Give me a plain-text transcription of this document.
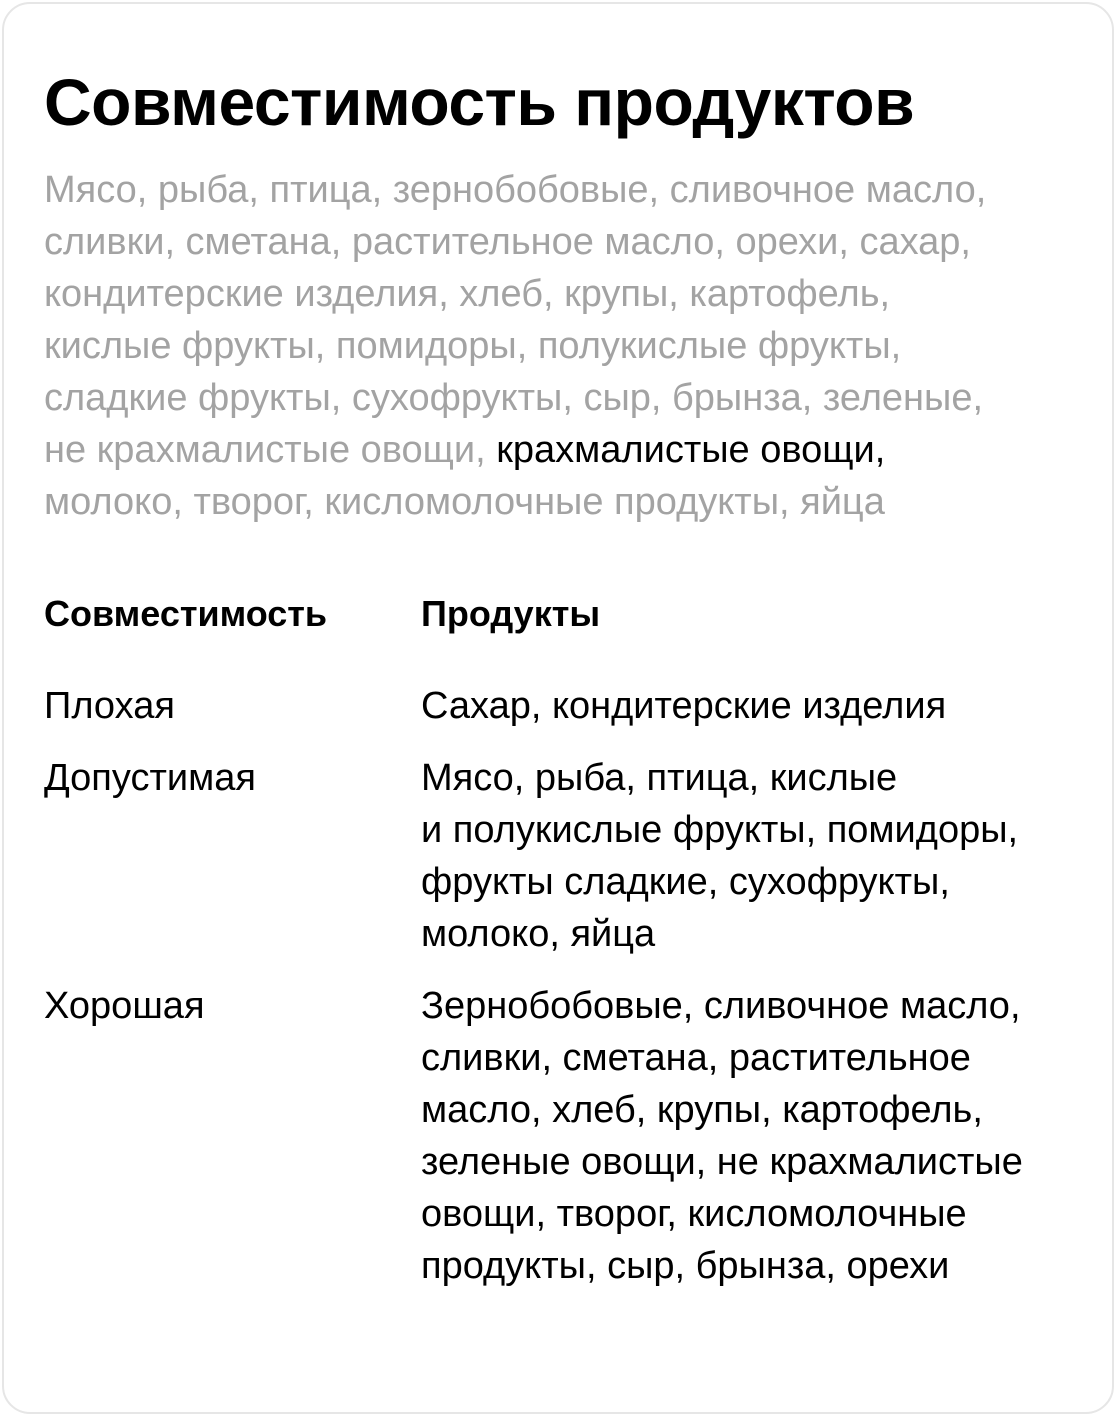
Совместимость продуктов
Мясо, рыба, птица, зернобобовые, сливочное масло,
сливки, сметана, растительное масло, орехи, сахар,
кондитерские изделия, хлеб, крупы, картофель,
кислые фрукты, помидоры, полукислые фрукты,
сладкие фрукты, сухофрукты, сыр, брынза, зеленые,
не крахмалистые овощи, крахмалистые овощи,
молоко, творог, кисломолочные продукты, яйца
Совместимость	Продукты
Плохая	Сахар, кондитерские изделия
Допустимая	Мясо, рыба, птица, кислые
и полукислые фрукты, помидоры,
фрукты сладкие, сухофрукты,
молоко, яйца
Хорошая	Зернобобовые, сливочное масло,
сливки, сметана, растительное
масло, хлеб, крупы, картофель,
зеленые овощи, не крахмалистые
овощи, творог, кисломолочные
продукты, сыр, брынза, орехи
